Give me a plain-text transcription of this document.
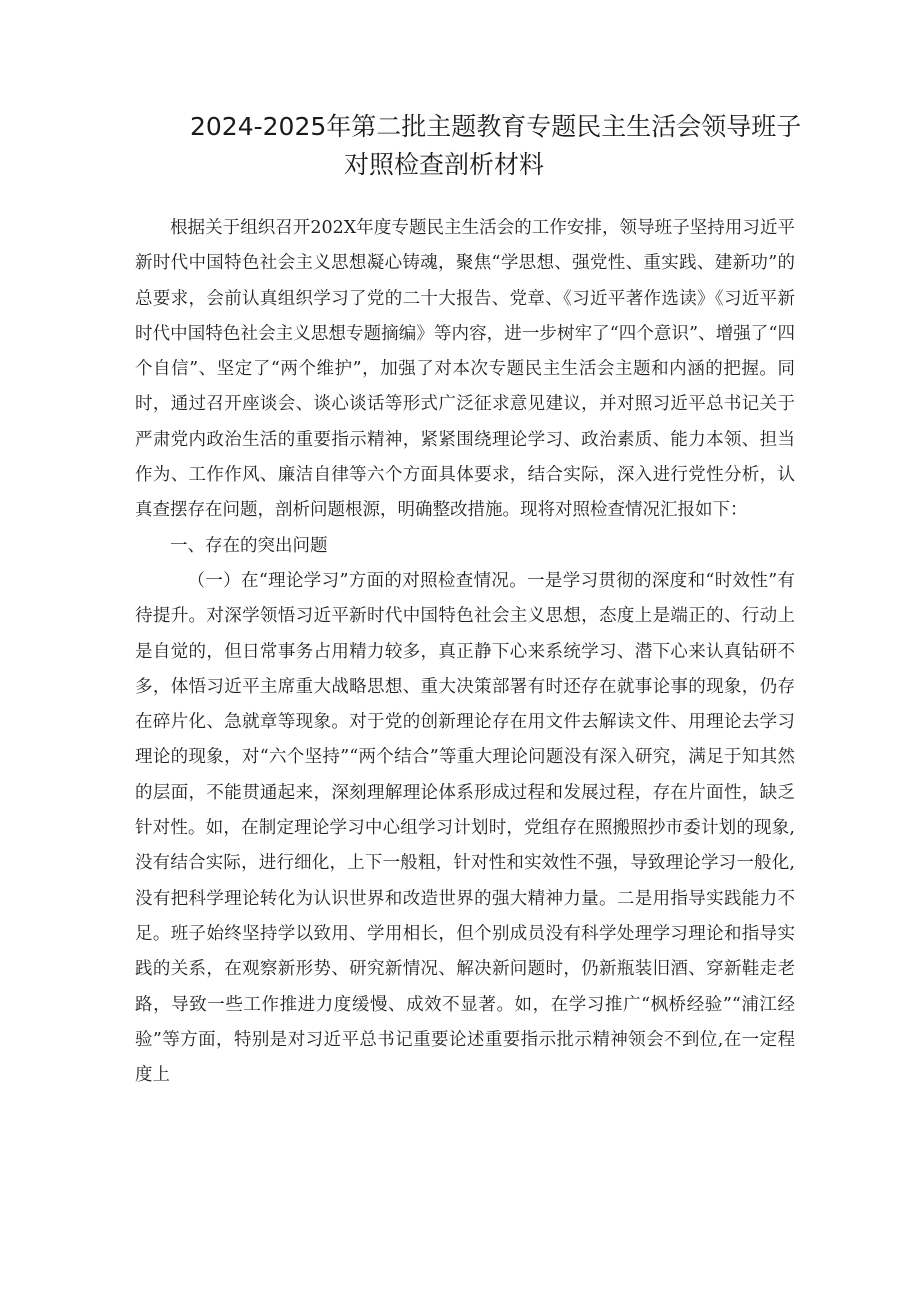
2024-2025年第二批主题教育专题民主生活会领导班子
对照检查剖析材料

根据关于组织召开202X年度专题民主生活会的工作安排，领导班子坚持用习近平新时代中国特色社会主义思想凝心铸魂，聚焦“学思想、强党性、重实践、建新功”的总要求，会前认真组织学习了党的二十大报告、党章、《习近平著作选读》《习近平新时代中国特色社会主义思想专题摘编》等内容，进一步树牢了“四个意识”、增强了“四个自信”、坚定了“两个维护”，加强了对本次专题民主生活会主题和内涵的把握。同时，通过召开座谈会、谈心谈话等形式广泛征求意见建议，并对照习近平总书记关于严肃党内政治生活的重要指示精神，紧紧围绕理论学习、政治素质、能力本领、担当作为、工作作风、廉洁自律等六个方面具体要求，结合实际，深入进行党性分析，认真查摆存在问题，剖析问题根源，明确整改措施。现将对照检查情况汇报如下：

一、存在的突出问题

（一）在“理论学习”方面的对照检查情况。一是学习贯彻的深度和“时效性”有待提升。对深学领悟习近平新时代中国特色社会主义思想，态度上是端正的、行动上是自觉的，但日常事务占用精力较多，真正静下心来系统学习、潜下心来认真钻研不多，体悟习近平主席重大战略思想、重大决策部署有时还存在就事论事的现象，仍存在碎片化、急就章等现象。对于党的创新理论存在用文件去解读文件、用理论去学习理论的现象，对“六个坚持”“两个结合”等重大理论问题没有深入研究，满足于知其然的层面，不能贯通起来，深刻理解理论体系形成过程和发展过程，存在片面性，缺乏针对性。如，在制定理论学习中心组学习计划时，党组存在照搬照抄市委计划的现象,没有结合实际，进行细化，上下一般粗，针对性和实效性不强，导致理论学习一般化,没有把科学理论转化为认识世界和改造世界的强大精神力量。二是用指导实践能力不足。班子始终坚持学以致用、学用相长，但个别成员没有科学处理学习理论和指导实践的关系，在观察新形势、研究新情况、解决新问题时，仍新瓶装旧酒、穿新鞋走老路，导致一些工作推进力度缓慢、成效不显著。如，在学习推广“枫桥经验”“浦江经验”等方面，特别是对习近平总书记重要论述重要指示批示精神领会不到位,在一定程度上
